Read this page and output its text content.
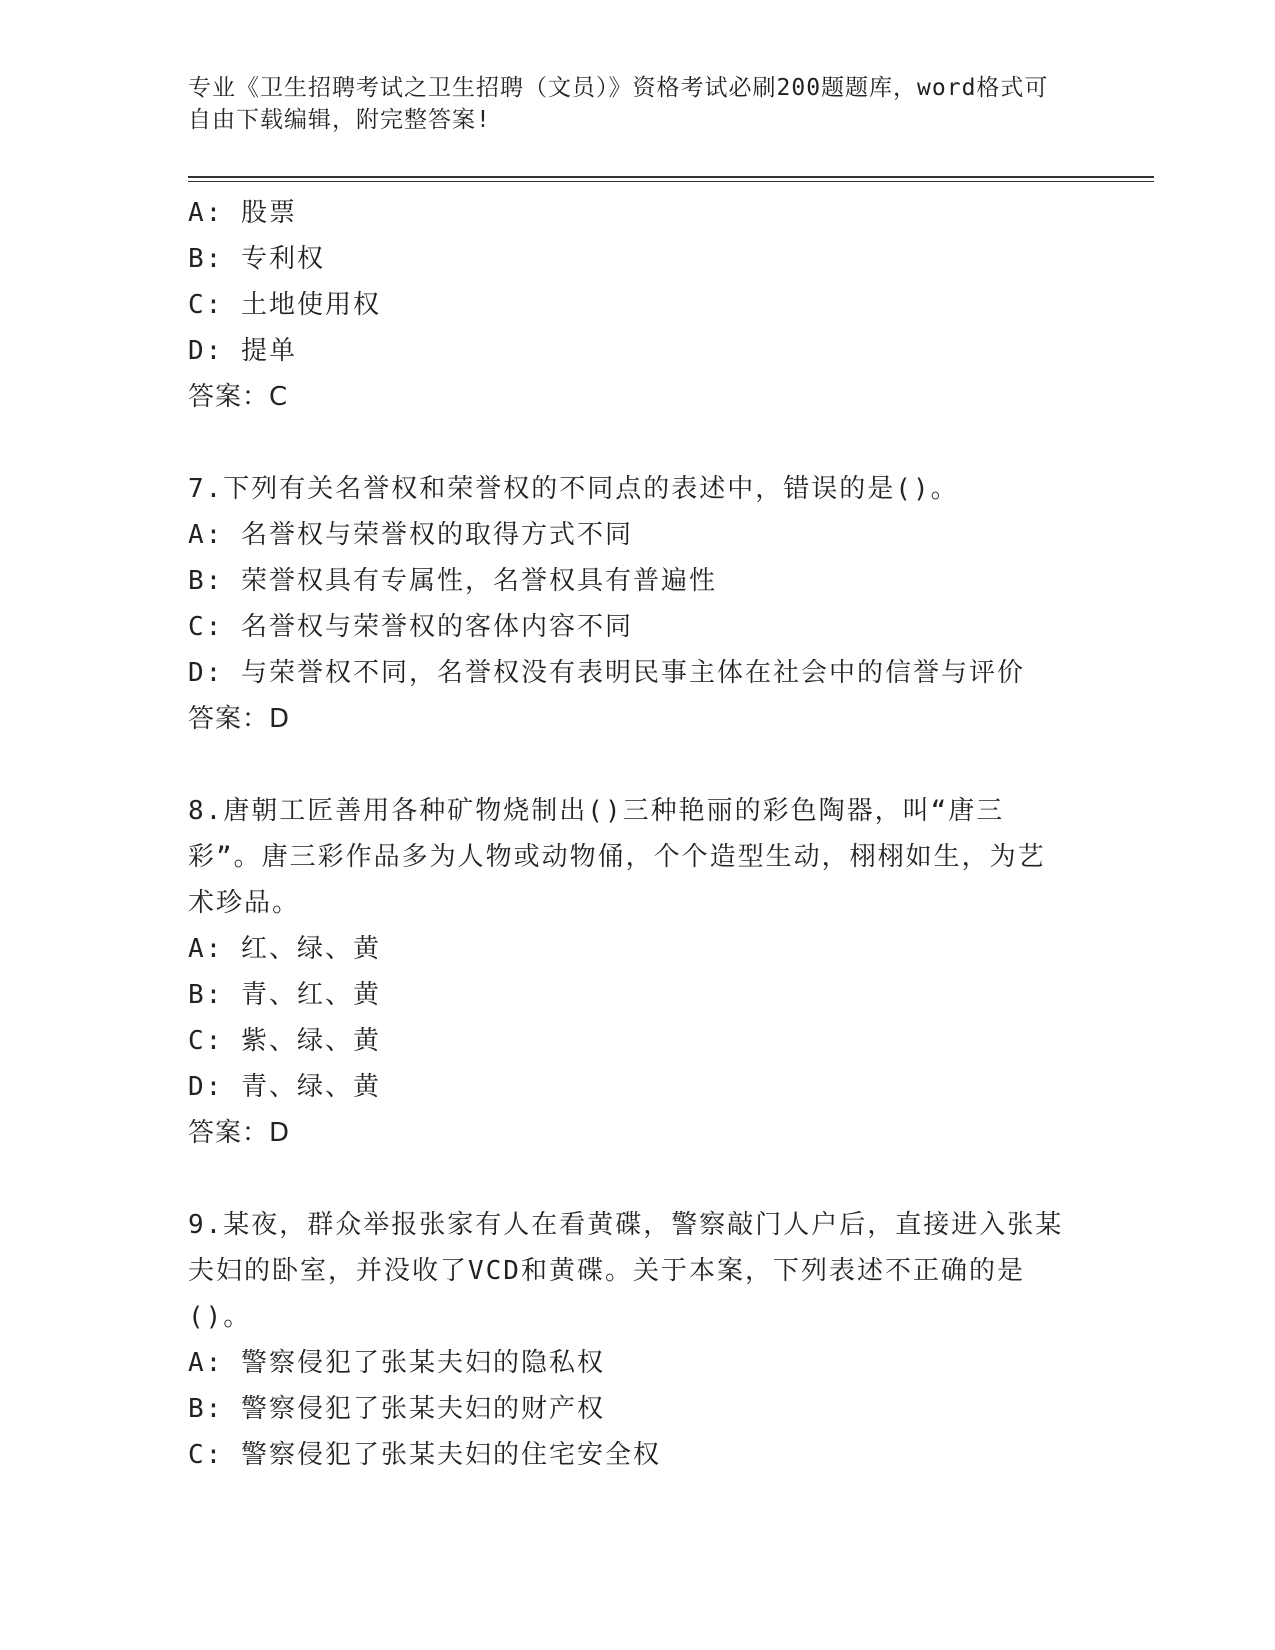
专业《卫生招聘考试之卫生招聘（文员）》资格考试必刷200题题库，word格式可自由下载编辑，附完整答案!
A: 股票
B: 专利权
C: 土地使用权
D: 提单
答案：C
7.下列有关名誉权和荣誉权的不同点的表述中，错误的是()。
A: 名誉权与荣誉权的取得方式不同
B: 荣誉权具有专属性，名誉权具有普遍性
C: 名誉权与荣誉权的客体内容不同
D: 与荣誉权不同，名誉权没有表明民事主体在社会中的信誉与评价
答案：D
8.唐朝工匠善用各种矿物烧制出()三种艳丽的彩色陶器，叫“唐三彩”。唐三彩作品多为人物或动物俑，个个造型生动，栩栩如生，为艺术珍品。
A: 红、绿、黄
B: 青、红、黄
C: 紫、绿、黄
D: 青、绿、黄
答案：D
9.某夜，群众举报张家有人在看黄碟，警察敲门人户后，直接进入张某夫妇的卧室，并没收了VCD和黄碟。关于本案，下列表述不正确的是()。
A: 警察侵犯了张某夫妇的隐私权
B: 警察侵犯了张某夫妇的财产权
C: 警察侵犯了张某夫妇的住宅安全权
